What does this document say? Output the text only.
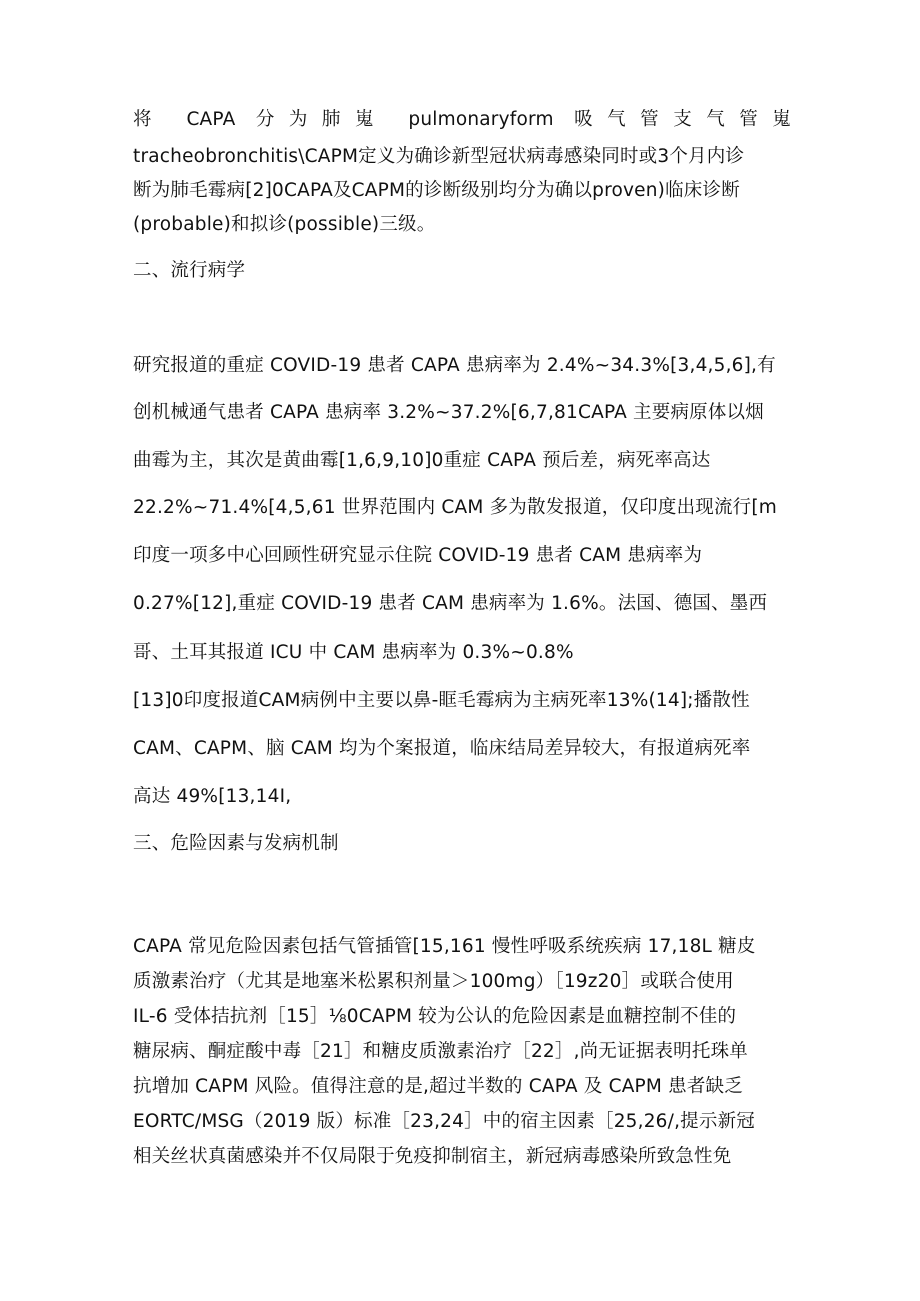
将 CAPA 分为肺嵬 pulmonaryform 吸气管支气管嵬
tracheobronchitis\CAPM定义为确诊新型冠状病毒感染同时或3个月内诊
断为肺毛霉病[2]0CAPA及CAPM的诊断级别均分为确以proven)临床诊断
(probable)和拟诊(possible)三级。
二、流行病学
研究报道的重症 COVID-19 患者 CAPA 患病率为 2.4%~34.3%[3,4,5,6],有
创机械通气患者 CAPA 患病率 3.2%~37.2%[6,7,81CAPA 主要病原体以烟
曲霉为主，其次是黄曲霉[1,6,9,10]0重症 CAPA 预后差，病死率高达
22.2%~71.4%[4,5,61 世界范围内 CAM 多为散发报道，仅印度出现流行[m
印度一项多中心回顾性研究显示住院 COVID-19 患者 CAM 患病率为
0.27%[12],重症 COVID-19 患者 CAM 患病率为 1.6%。法国、德国、墨西
哥、土耳其报道 ICU 中 CAM 患病率为 0.3%~0.8%
[13]0印度报道CAM病例中主要以鼻-眶毛霉病为主病死率13%(14];播散性
CAM、CAPM、脑 CAM 均为个案报道，临床结局差异较大，有报道病死率
高达 49%[13,14I,
三、危险因素与发病机制
CAPA 常见危险因素包括气管插管[15,161 慢性呼吸系统疾病 17,18L 糖皮
质激素治疗（尤其是地塞米松累积剂量＞100mg）［19z20］或联合使用
IL-6 受体拮抗剂［15］⅛0CAPM 较为公认的危险因素是血糖控制不佳的
糖尿病、酮症酸中毒［21］和糖皮质激素治疗［22］,尚无证据表明托珠单
抗增加 CAPM 风险。值得注意的是,超过半数的 CAPA 及 CAPM 患者缺乏
EORTC∕MSG（2019 版）标准［23,24］中的宿主因素［25,26∕,提示新冠
相关丝状真菌感染并不仅局限于免疫抑制宿主，新冠病毒感染所致急性免
